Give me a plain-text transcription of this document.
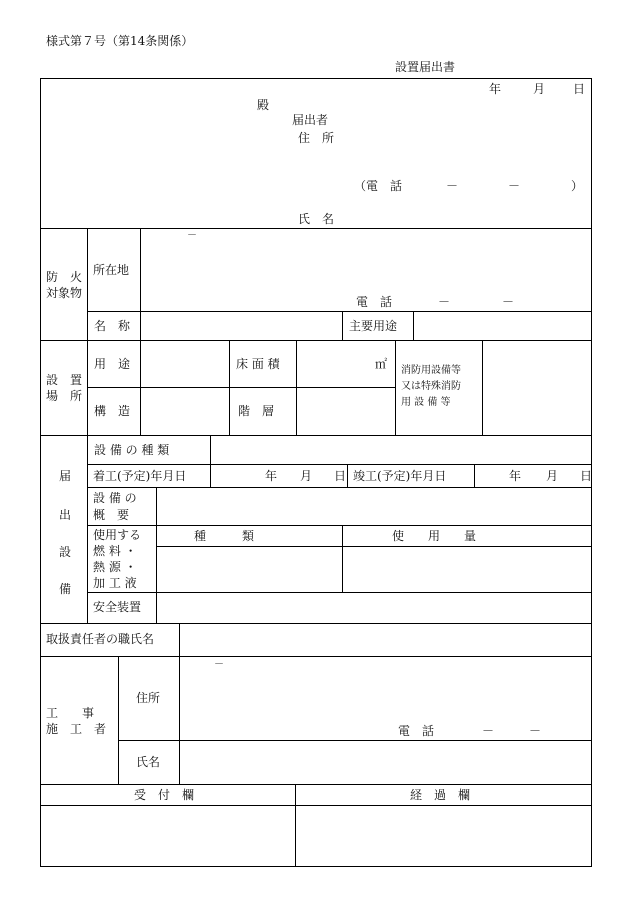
様式第７号（第14条関係）
設置届出書
年	月 日
殿
届出者
住　所
（電　話	－	－	）
氏　名
防　火
対象物
所在地
－
電　話	－	－
名　称	主要用途
設　置
場　所
用　途	床 面 積	㎡ 消防用設備等
又は特殊消防
用 設 備 等
構　造	階　層
届
出
設
備
設 備 の 種 類
着工(予定)年月日	年 月 日 竣工(予定)年月日	年 月 日
設 備 の
概　要
使用する
燃 料 ・
熱 源 ・
加 工 液
種　　　類	使　　用　　量
安全装置
取扱責任者の職氏名
工　　事
施　工　者
住所
－
電　話	－	－
氏名
受　付　欄	経　過　欄
